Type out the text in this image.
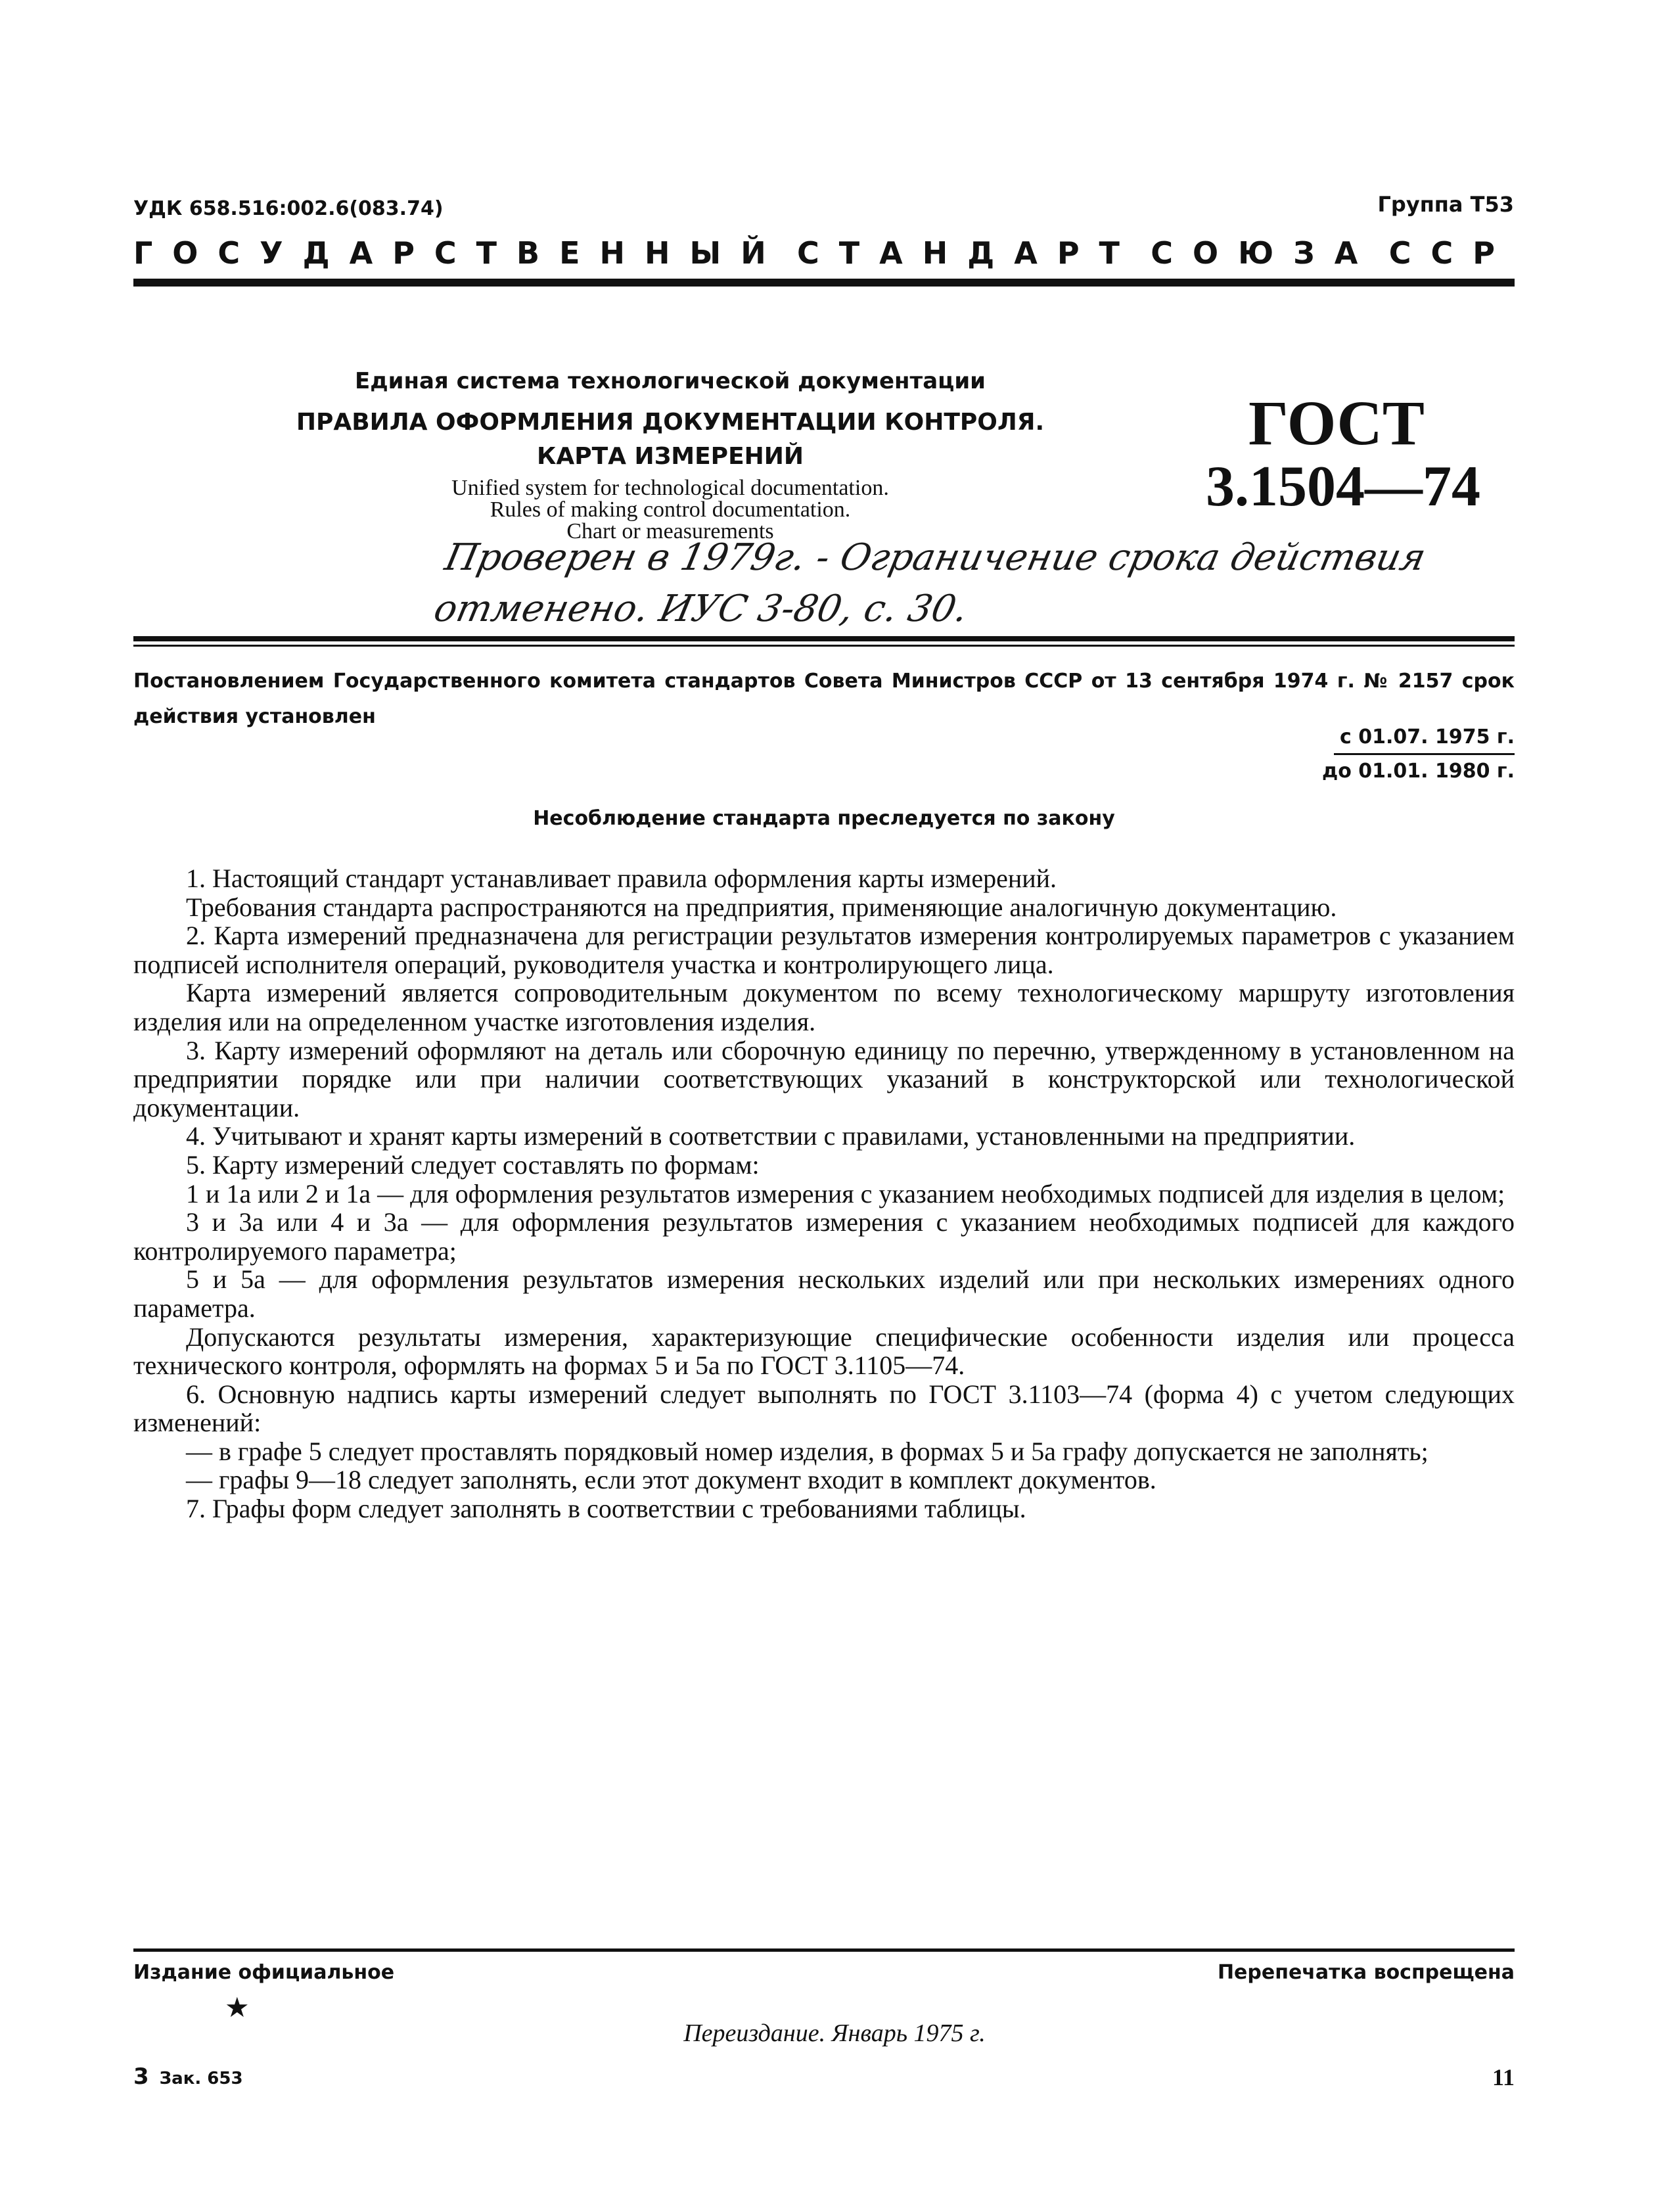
УДК 658.516:002.6(083.74)	Группа Т53
ГОСУДАРСТВЕННЫЙ СТАНДАРТ СОЮЗА ССР
Единая система технологической документации
ПРАВИЛА ОФОРМЛЕНИЯ ДОКУМЕНТАЦИИ КОНТРОЛЯ.
КАРТА ИЗМЕРЕНИЙ
Unified system for technological documentation.
Rules of making control documentation.
Chart or measurements
ГОСТ
3.1504—74
Проверен в 1979г. - Ограничение срока действия
отменено. ИУС 3-80, с. 30.
Постановлением Государственного комитета стандартов Совета Министров СССР от 13 сентября 1974 г. № 2157 срок действия установлен
с 01.07. 1975 г.
до 01.01. 1980 г.
Несоблюдение стандарта преследуется по закону

1. Настоящий стандарт устанавливает правила оформления карты измерений.

Требования стандарта распространяются на предприятия, применяющие аналогичную документацию.

2. Карта измерений предназначена для регистрации результатов измерения контролируемых параметров с указанием подписей исполнителя операций, руководителя участка и контролирующего лица.

Карта измерений является сопроводительным документом по всему технологическому маршруту изготовления изделия или на определенном участке изготовления изделия.

3. Карту измерений оформляют на деталь или сборочную единицу по перечню, утвержденному в установленном на предприятии порядке или при наличии соответствующих указаний в конструкторской или технологической документации.

4. Учитывают и хранят карты измерений в соответствии с правилами, установленными на предприятии.

5. Карту измерений следует составлять по формам:

1 и 1а или 2 и 1а — для оформления результатов измерения с указанием необходимых подписей для изделия в целом;

3 и 3а или 4 и 3а — для оформления результатов измерения с указанием необходимых подписей для каждого контролируемого параметра;

5 и 5а — для оформления результатов измерения нескольких изделий или при нескольких измерениях одного параметра.

Допускаются результаты измерения, характеризующие специфические особенности изделия или процесса технического контроля, оформлять на формах 5 и 5а по ГОСТ 3.1105—74.

6. Основную надпись карты измерений следует выполнять по ГОСТ 3.1103—74 (форма 4) с учетом следующих изменений:

— в графе 5 следует проставлять порядковый номер изделия, в формах 5 и 5а графу допускается не заполнять;

— графы 9—18 следует заполнять, если этот документ входит в комплект документов.

7. Графы форм следует заполнять в соответствии с требованиями таблицы.

Издание официальное	Перепечатка воспрещена
★
Переиздание. Январь 1975 г.
3 Зак. 653	11
